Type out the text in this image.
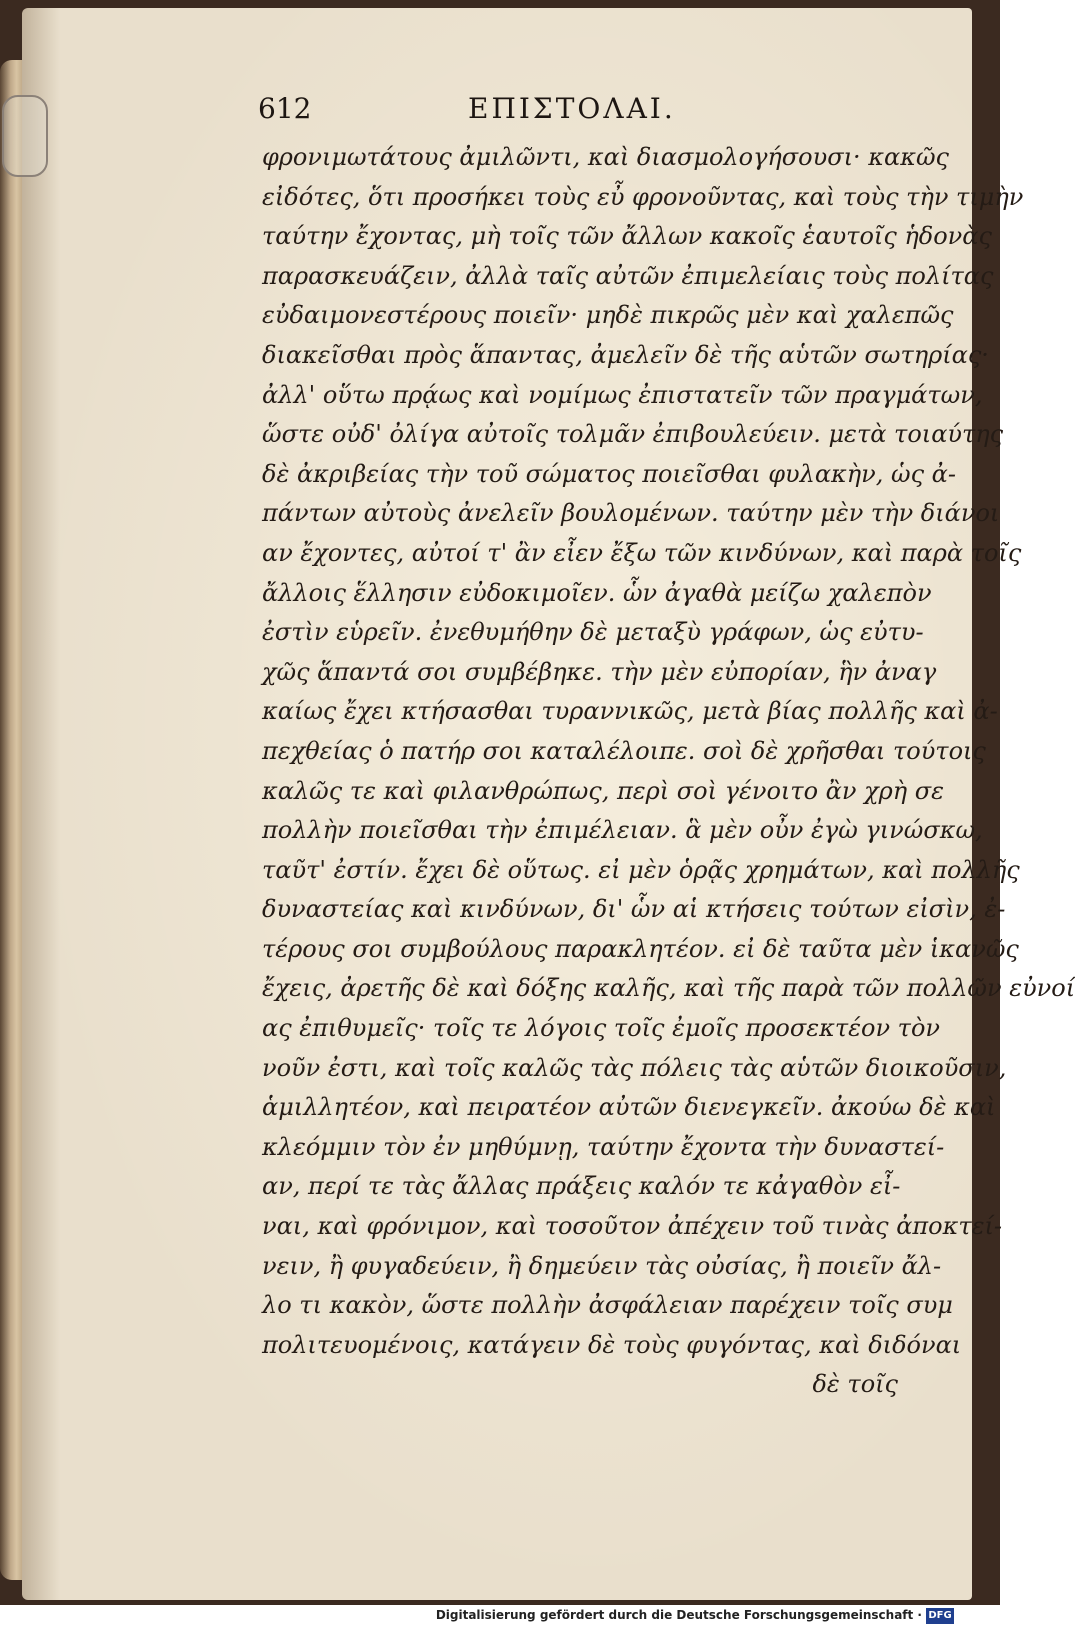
612	ΕΠΙΣΤΟΛΑΙ.
φρονιμωτάτους ἀμιλῶντι, καὶ διασμολογήσουσι· κακῶς
εἰδότες, ὅτι προσήκει τοὺς εὖ φρονοῦντας, καὶ τοὺς τὴν τιμὴν
ταύτην ἔχοντας, μὴ τοῖς τῶν ἄλλων κακοῖς ἑαυτοῖς ἡδονὰς
παρασκευάζειν, ἀλλὰ ταῖς αὐτῶν ἐπιμελείαις τοὺς πολίτας
εὐδαιμονεστέρους ποιεῖν· μηδὲ πικρῶς μὲν καὶ χαλεπῶς
διακεῖσθαι πρὸς ἅπαντας, ἀμελεῖν δὲ τῆς αὑτῶν σωτηρίας·
ἀλλ' οὕτω πρᾴως καὶ νομίμως ἐπιστατεῖν τῶν πραγμάτων,
ὥστε οὐδ' ὀλίγα αὐτοῖς τολμᾶν ἐπιβουλεύειν. μετὰ τοιαύτης
δὲ ἀκριβείας τὴν τοῦ σώματος ποιεῖσθαι φυλακὴν, ὡς ἀ-
πάντων αὐτοὺς ἀνελεῖν βουλομένων. ταύτην μὲν τὴν διάνοι
αν ἔχοντες, αὐτοί τ' ἂν εἶεν ἔξω τῶν κινδύνων, καὶ παρὰ τοῖς
ἄλλοις ἕλλησιν εὐδοκιμοῖεν. ὧν ἀγαθὰ μείζω χαλεπὸν
ἐστὶν εὑρεῖν. ἐνεθυμήθην δὲ μεταξὺ γράφων, ὡς εὐτυ-
χῶς ἅπαντά σοι συμβέβηκε. τὴν μὲν εὐπορίαν, ἣν ἀναγ
καίως ἔχει κτήσασθαι τυραννικῶς, μετὰ βίας πολλῆς καὶ ἀ-
πεχθείας ὁ πατήρ σοι καταλέλοιπε. σοὶ δὲ χρῆσθαι τούτοις
καλῶς τε καὶ φιλανθρώπως, περὶ σοὶ γένοιτο ἂν χρὴ σε
πολλὴν ποιεῖσθαι τὴν ἐπιμέλειαν. ἃ μὲν οὖν ἐγὼ γινώσκω,
ταῦτ' ἐστίν. ἔχει δὲ οὕτως. εἰ μὲν ὁρᾷς χρημάτων, καὶ πολλῆς
δυναστείας καὶ κινδύνων, δι' ὧν αἱ κτήσεις τούτων εἰσὶν, ἐ-
τέρους σοι συμβούλους παρακλητέον. εἰ δὲ ταῦτα μὲν ἱκανῶς
ἔχεις, ἀρετῆς δὲ καὶ δόξης καλῆς, καὶ τῆς παρὰ τῶν πολλῶν εὐνοί
ας ἐπιθυμεῖς· τοῖς τε λόγοις τοῖς ἐμοῖς προσεκτέον τὸν
νοῦν ἐστι, καὶ τοῖς καλῶς τὰς πόλεις τὰς αὑτῶν διοικοῦσιν,
ἁμιλλητέον, καὶ πειρατέον αὐτῶν διενεγκεῖν. ἀκούω δὲ καὶ
κλεόμμιν τὸν ἐν μηθύμνῃ, ταύτην ἔχοντα τὴν δυναστεί-
αν, περί τε τὰς ἄλλας πράξεις καλόν τε κἀγαθὸν εἶ-
ναι, καὶ φρόνιμον, καὶ τοσοῦτον ἀπέχειν τοῦ τινὰς ἀποκτεί-
νειν, ἢ φυγαδεύειν, ἢ δημεύειν τὰς οὐσίας, ἢ ποιεῖν ἄλ-
λο τι κακὸν, ὥστε πολλὴν ἀσφάλειαν παρέχειν τοῖς συμ
πολιτευομένοις, κατάγειν δὲ τοὺς φυγόντας, καὶ διδόναι
δὲ τοῖς
Digitalisierung gefördert durch die Deutsche Forschungsgemeinschaft · DFG
